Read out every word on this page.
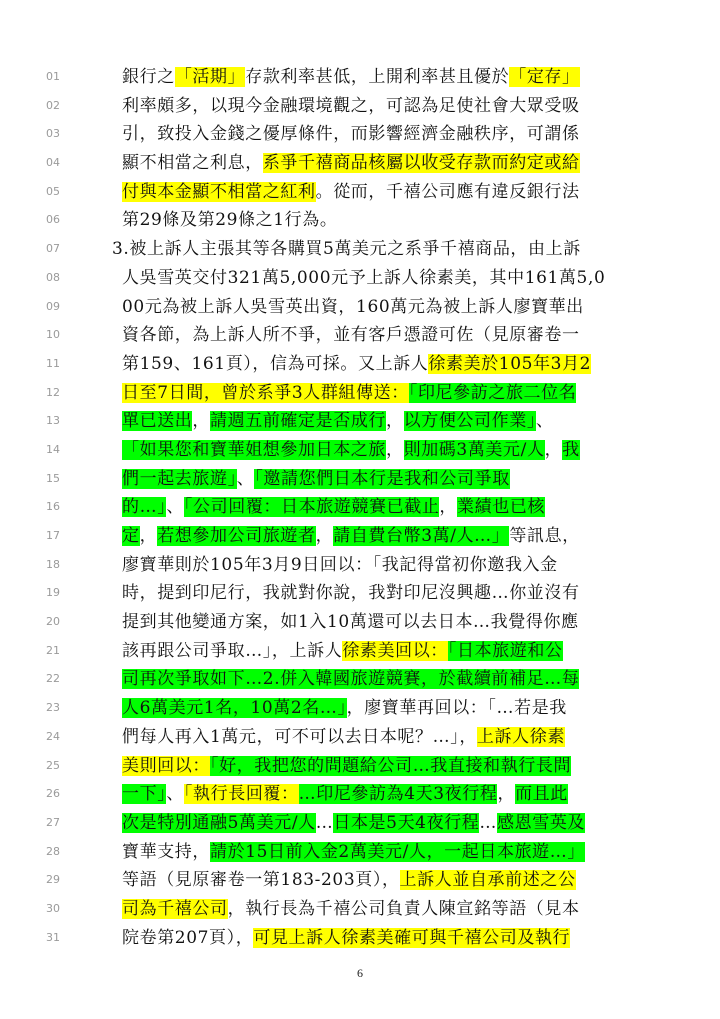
01	銀行之「活期」存款利率甚低，上開利率甚且優於「定存」
02	利率頗多，以現今金融環境觀之，可認為足使社會大眾受吸
03	引，致投入金錢之優厚條件，而影響經濟金融秩序，可謂係
04	顯不相當之利息，系爭千禧商品核屬以收受存款而約定或給
05	付與本金顯不相當之紅利。從而，千禧公司應有違反銀行法
06	第29條及第29條之1行為。
07	3.被上訴人主張其等各購買5萬美元之系爭千禧商品，由上訴
08	人吳雪英交付321萬5,000元予上訴人徐素美，其中161萬5,0
09	00元為被上訴人吳雪英出資，160萬元為被上訴人廖寶華出
10	資各節，為上訴人所不爭，並有客戶憑證可佐（見原審卷一
11	第159、161頁），信為可採。又上訴人徐素美於105年3月2
12	日至7日間，曾於系爭3人群組傳送：「印尼參訪之旅二位名
13	單已送出，請週五前確定是否成行，以方便公司作業」、
14	「如果您和寶華姐想參加日本之旅，則加碼3萬美元/人，我
15	們一起去旅遊」、「邀請您們日本行是我和公司爭取
16	的…」、「公司回覆：日本旅遊競賽已截止，業績也已核
17	定，若想參加公司旅遊者，請自費台幣3萬/人…」等訊息，
18	廖寶華則於105年3月9日回以：「我記得當初你邀我入金
19	時，提到印尼行，我就對你說，我對印尼沒興趣…你並沒有
20	提到其他變通方案，如1入10萬還可以去日本…我覺得你應
21	該再跟公司爭取…」，上訴人徐素美回以：「日本旅遊和公
22	司再次爭取如下…2.併入韓國旅遊競賽，於截續前補足…每
23	人6萬美元1名，10萬2名…」，廖寶華再回以：「…若是我
24	們每人再入1萬元，可不可以去日本呢？…」，上訴人徐素
25	美則回以：「好，我把您的問題給公司…我直接和執行長問
26	一下」、「執行長回覆：…印尼參訪為4天3夜行程，而且此
27	次是特別通融5萬美元/人…日本是5天4夜行程…感恩雪英及
28	寶華支持，請於15日前入金2萬美元/人，一起日本旅遊…」
29	等語（見原審卷一第183-203頁），上訴人並自承前述之公
30	司為千禧公司，執行長為千禧公司負責人陳宣銘等語（見本
31	院卷第207頁），可見上訴人徐素美確可與千禧公司及執行
6
